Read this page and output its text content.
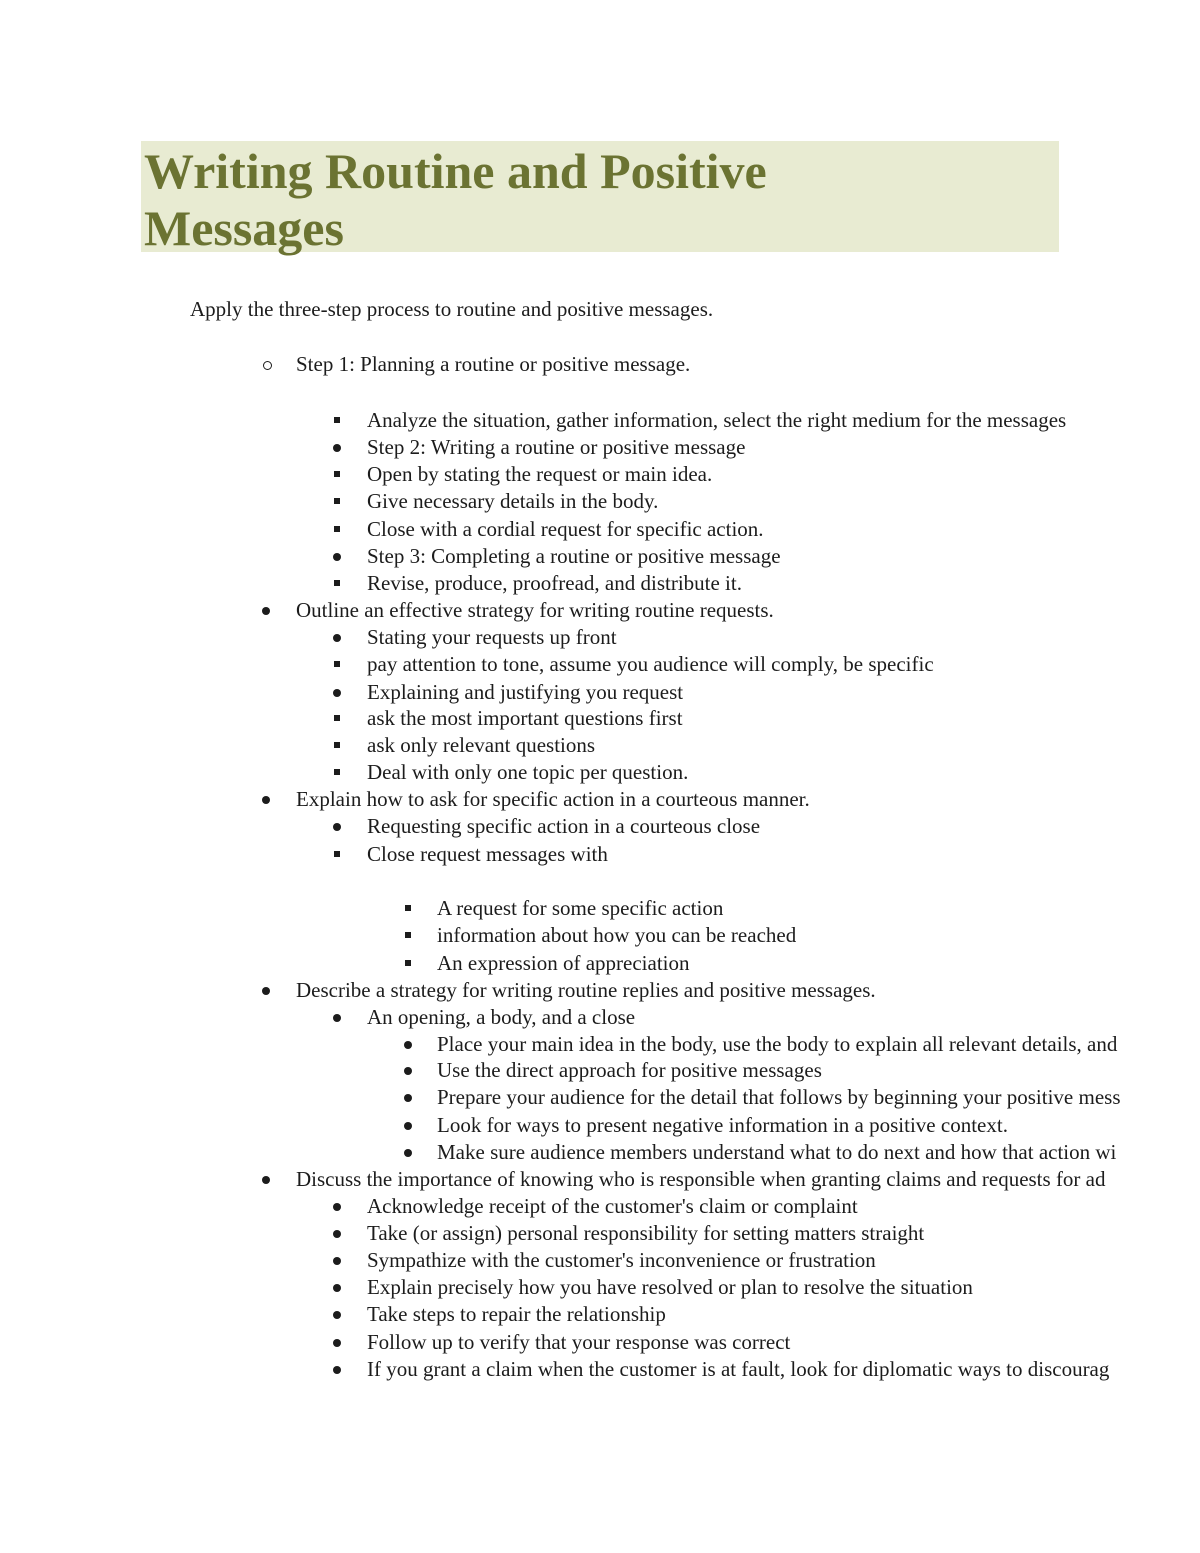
Writing Routine and Positive
Messages
Apply the three-step process to routine and positive messages.
Step 1: Planning a routine or positive message.
Analyze the situation, gather information, select the right medium for the messages
Step 2: Writing a routine or positive message
Open by stating the request or main idea.
Give necessary details in the body.
Close with a cordial request for specific action.
Step 3: Completing a routine or positive message
Revise, produce, proofread, and distribute it.
Outline an effective strategy for writing routine requests.
Stating your requests up front
pay attention to tone, assume you audience will comply, be specific
Explaining and justifying you request
ask the most important questions first
ask only relevant questions
Deal with only one topic per question.
Explain how to ask for specific action in a courteous manner.
Requesting specific action in a courteous close
Close request messages with
A request for some specific action
information about how you can be reached
An expression of appreciation
Describe a strategy for writing routine replies and positive messages.
An opening, a body, and a close
Place your main idea in the body, use the body to explain all relevant details, and
Use the direct approach for positive messages
Prepare your audience for the detail that follows by beginning your positive mess
Look for ways to present negative information in a positive context.
Make sure audience members understand what to do next and how that action wi
Discuss the importance of knowing who is responsible when granting claims and requests for ad
Acknowledge receipt of the customer's claim or complaint
Take (or assign) personal responsibility for setting matters straight
Sympathize with the customer's inconvenience or frustration
Explain precisely how you have resolved or plan to resolve the situation
Take steps to repair the relationship
Follow up to verify that your response was correct
If you grant a claim when the customer is at fault, look for diplomatic ways to discourag
